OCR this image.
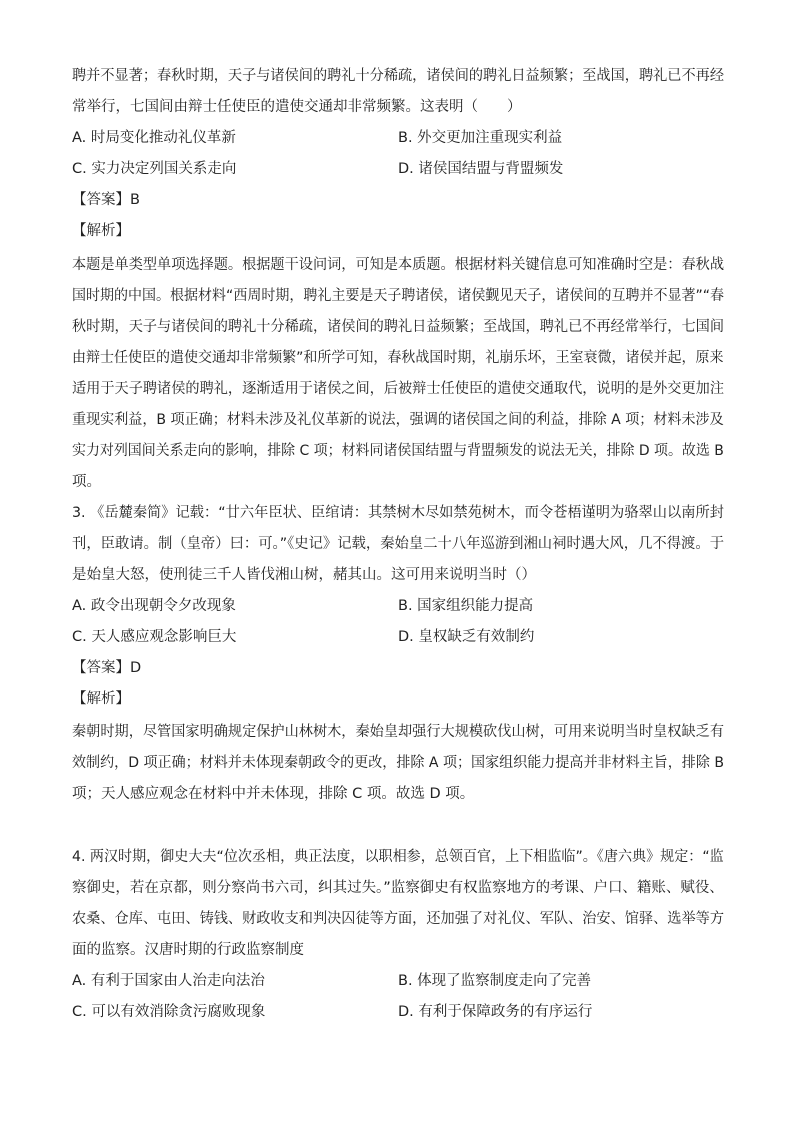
聘并不显著；春秋时期，天子与诸侯间的聘礼十分稀疏，诸侯间的聘礼日益频繁；至战国，聘礼已不再经
常举行，七国间由辩士任使臣的遣使交通却非常频繁。这表明（　　）
A. 时局变化推动礼仪革新	B. 外交更加注重现实利益
C. 实力决定列国关系走向	D. 诸侯国结盟与背盟频发
【答案】B
【解析】
本题是单类型单项选择题。根据题干设问词，可知是本质题。根据材料关键信息可知准确时空是：春秋战
国时期的中国。根据材料“西周时期，聘礼主要是天子聘诸侯，诸侯觐见天子，诸侯间的互聘并不显著”“春
秋时期，天子与诸侯间的聘礼十分稀疏，诸侯间的聘礼日益频繁；至战国，聘礼已不再经常举行，七国间
由辩士任使臣的遣使交通却非常频繁”和所学可知，春秋战国时期，礼崩乐坏，王室衰微，诸侯并起，原来
适用于天子聘诸侯的聘礼，逐渐适用于诸侯之间，后被辩士任使臣的遣使交通取代，说明的是外交更加注
重现实利益，B 项正确；材料未涉及礼仪革新的说法，强调的诸侯国之间的利益，排除 A 项；材料未涉及
实力对列国间关系走向的影响，排除 C 项；材料同诸侯国结盟与背盟频发的说法无关，排除 D 项。故选 B
项。
3. 《岳麓秦简》记载：“廿六年臣状、臣绾请：其禁树木尽如禁苑树木，而令苍梧谨明为骆翠山以南所封
刊，臣敢请。制（皇帝）曰：可。”《史记》记载，秦始皇二十八年巡游到湘山祠时遇大风，几不得渡。于
是始皇大怒，使刑徒三千人皆伐湘山树，赭其山。这可用来说明当时（）
A. 政令出现朝令夕改现象	B. 国家组织能力提高
C. 天人感应观念影响巨大	D. 皇权缺乏有效制约
【答案】D
【解析】
秦朝时期，尽管国家明确规定保护山林树木，秦始皇却强行大规模砍伐山树，可用来说明当时皇权缺乏有
效制约，D 项正确；材料并未体现秦朝政令的更改，排除 A 项；国家组织能力提高并非材料主旨，排除 B
项；天人感应观念在材料中并未体现，排除 C 项。故选 D 项。
4. 两汉时期，御史大夫“位次丞相，典正法度，以职相参，总领百官，上下相监临”。《唐六典》规定：“监
察御史，若在京都，则分察尚书六司，纠其过失。”监察御史有权监察地方的考课、户口、籍账、赋役、
农桑、仓库、屯田、铸钱、财政收支和判决囚徒等方面，还加强了对礼仪、军队、治安、馆驿、选举等方
面的监察。汉唐时期的行政监察制度
A. 有利于国家由人治走向法治	B. 体现了监察制度走向了完善
C. 可以有效消除贪污腐败现象	D. 有利于保障政务的有序运行
